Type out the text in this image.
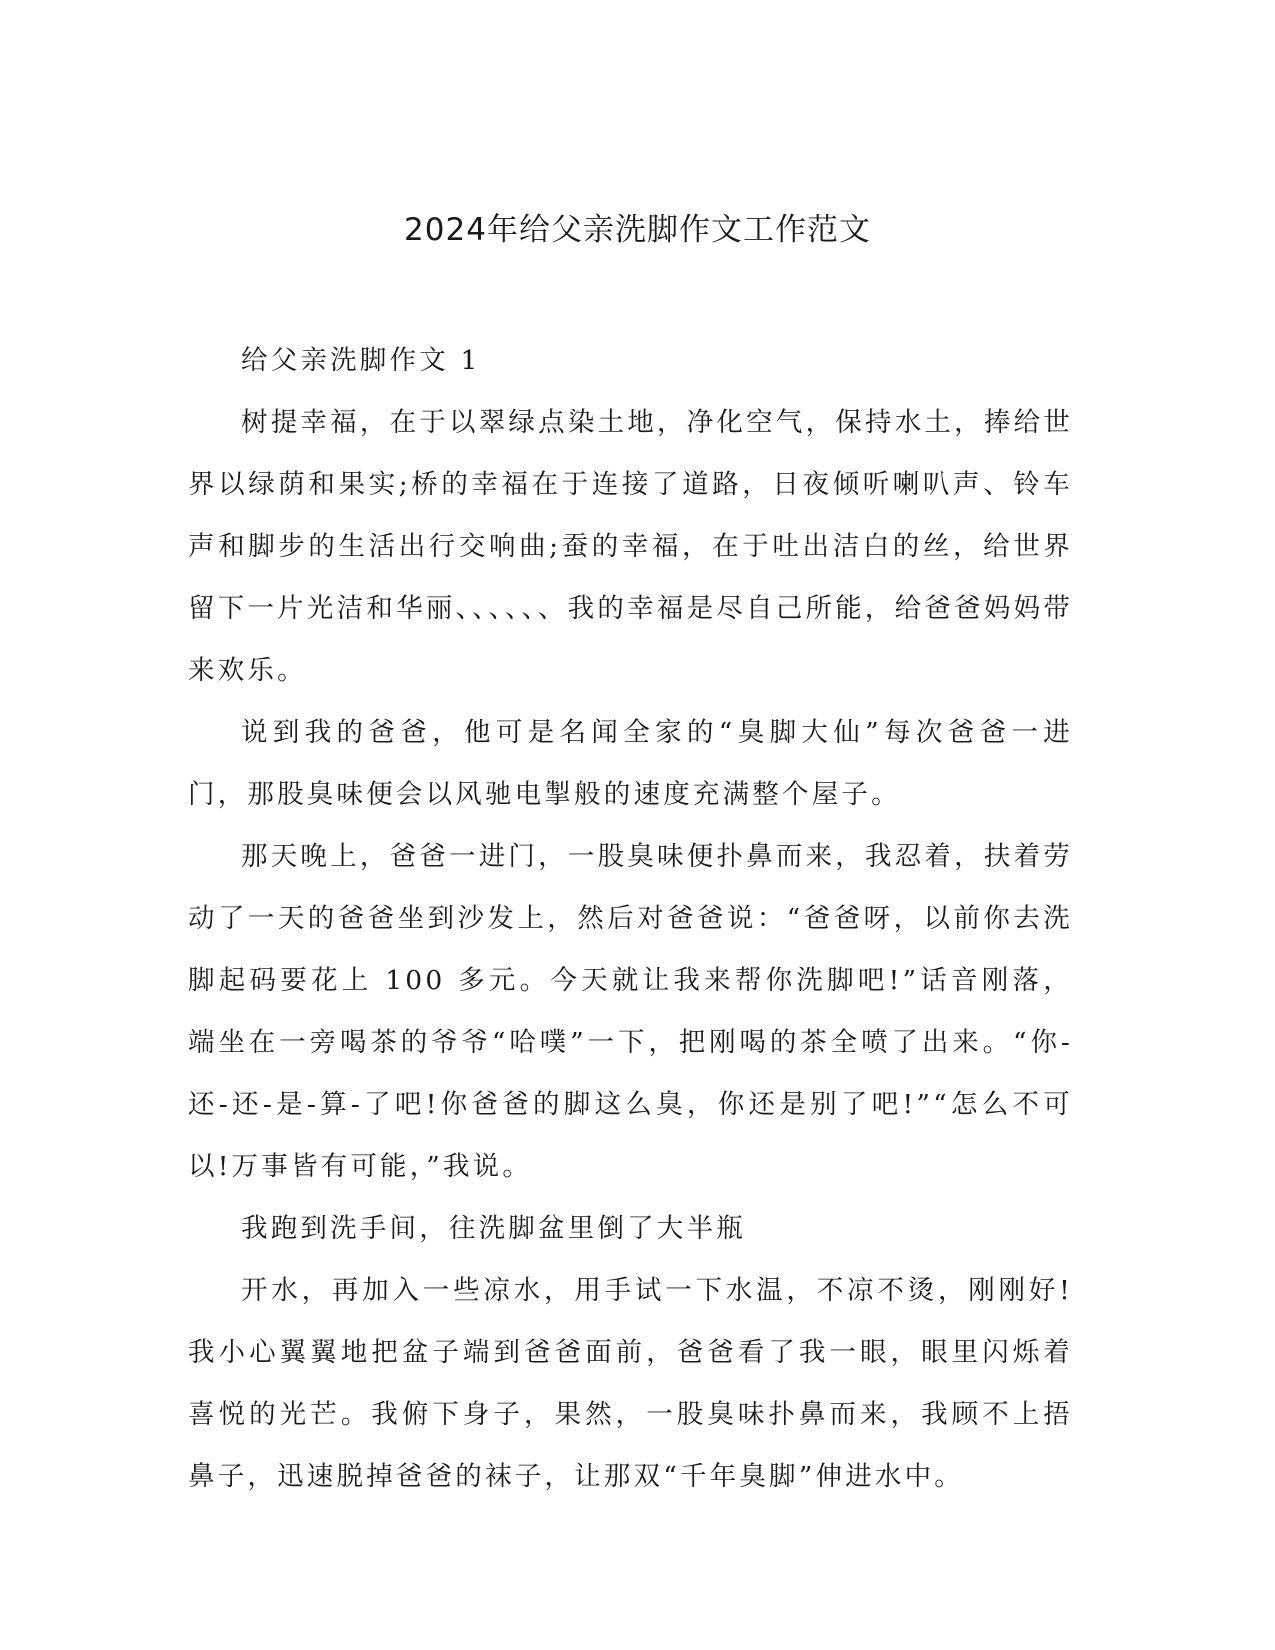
2024年给父亲洗脚作文工作范文

给父亲洗脚作文 1

树提幸福，在于以翠绿点染土地，净化空气，保持水土，捧给世界以绿荫和果实;桥的幸福在于连接了道路，日夜倾听喇叭声、铃车声和脚步的生活出行交响曲;蚕的幸福，在于吐出洁白的丝，给世界留下一片光洁和华丽、、、、、、我的幸福是尽自己所能，给爸爸妈妈带来欢乐。

说到我的爸爸，他可是名闻全家的“臭脚大仙”每次爸爸一进门，那股臭味便会以风驰电掣般的速度充满整个屋子。

那天晚上，爸爸一进门，一股臭味便扑鼻而来，我忍着，扶着劳动了一天的爸爸坐到沙发上，然后对爸爸说：“爸爸呀，以前你去洗脚起码要花上 100 多元。今天就让我来帮你洗脚吧!”话音刚落，端坐在一旁喝茶的爷爷“哈噗”一下，把刚喝的茶全喷了出来。“你-还-还-是-算-了吧!你爸爸的脚这么臭，你还是别了吧!”“怎么不可以!万事皆有可能，”我说。

我跑到洗手间，往洗脚盆里倒了大半瓶

开水，再加入一些凉水，用手试一下水温，不凉不烫，刚刚好!我小心翼翼地把盆子端到爸爸面前，爸爸看了我一眼，眼里闪烁着喜悦的光芒。我俯下身子，果然，一股臭味扑鼻而来，我顾不上捂鼻子，迅速脱掉爸爸的袜子，让那双“千年臭脚”伸进水中。
